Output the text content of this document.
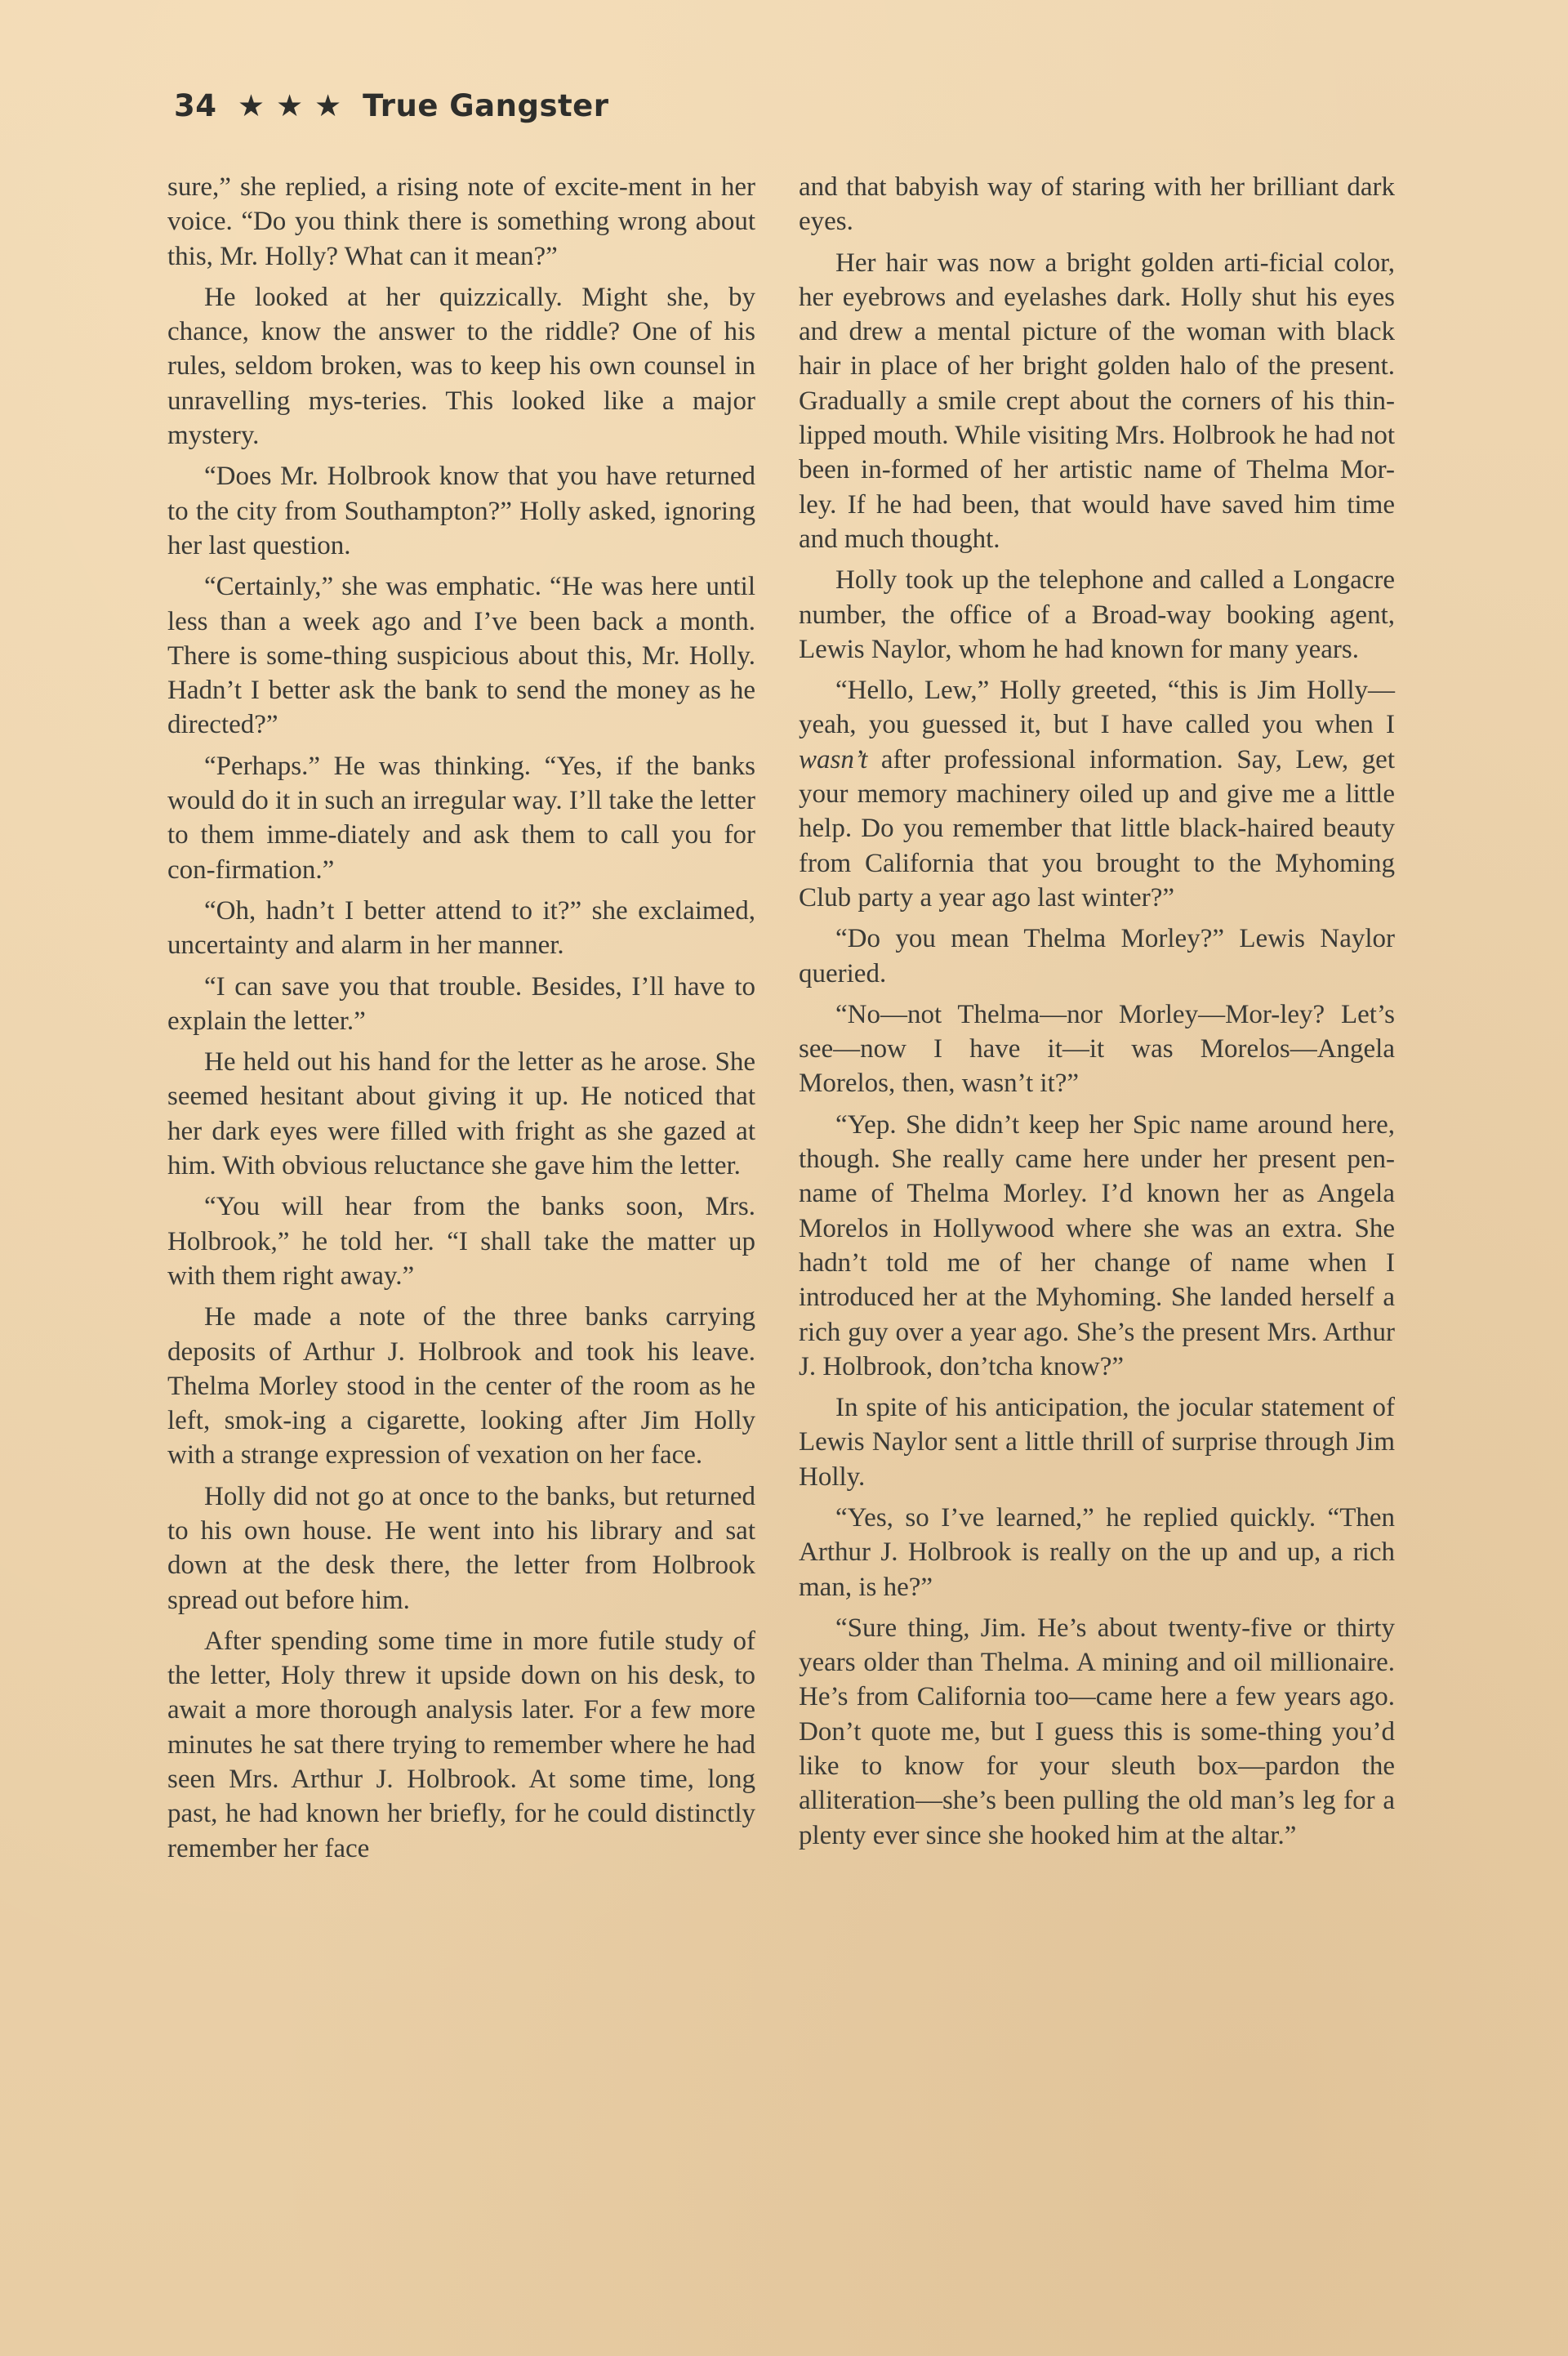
34 ★ ★ ★ True Gangster

sure,” she replied, a rising note of excite-ment in her voice. “Do you think there is something wrong about this, Mr. Holly? What can it mean?”

He looked at her quizzically. Might she, by chance, know the answer to the riddle? One of his rules, seldom broken, was to keep his own counsel in unravelling mys-teries. This looked like a major mystery.

“Does Mr. Holbrook know that you have returned to the city from Southampton?” Holly asked, ignoring her last question.

“Certainly,” she was emphatic. “He was here until less than a week ago and I’ve been back a month. There is some-thing suspicious about this, Mr. Holly. Hadn’t I better ask the bank to send the money as he directed?”

“Perhaps.” He was thinking. “Yes, if the banks would do it in such an irregular way. I’ll take the letter to them imme-diately and ask them to call you for con-firmation.”

“Oh, hadn’t I better attend to it?” she exclaimed, uncertainty and alarm in her manner.

“I can save you that trouble. Besides, I’ll have to explain the letter.”

He held out his hand for the letter as he arose. She seemed hesitant about giving it up. He noticed that her dark eyes were filled with fright as she gazed at him. With obvious reluctance she gave him the letter.

“You will hear from the banks soon, Mrs. Holbrook,” he told her. “I shall take the matter up with them right away.”

He made a note of the three banks carrying deposits of Arthur J. Holbrook and took his leave. Thelma Morley stood in the center of the room as he left, smok-ing a cigarette, looking after Jim Holly with a strange expression of vexation on her face.

Holly did not go at once to the banks, but returned to his own house. He went into his library and sat down at the desk there, the letter from Holbrook spread out before him.

After spending some time in more futile study of the letter, Holy threw it upside down on his desk, to await a more thorough analysis later. For a few more minutes he sat there trying to remember where he had seen Mrs. Arthur J. Holbrook. At some time, long past, he had known her briefly, for he could distinctly remember her face

and that babyish way of staring with her brilliant dark eyes.

Her hair was now a bright golden arti-ficial color, her eyebrows and eyelashes dark. Holly shut his eyes and drew a mental picture of the woman with black hair in place of her bright golden halo of the present. Gradually a smile crept about the corners of his thin-lipped mouth. While visiting Mrs. Holbrook he had not been in-formed of her artistic name of Thelma Mor-ley. If he had been, that would have saved him time and much thought.

Holly took up the telephone and called a Longacre number, the office of a Broad-way booking agent, Lewis Naylor, whom he had known for many years.

“Hello, Lew,” Holly greeted, “this is Jim Holly—yeah, you guessed it, but I have called you when I wasn’t after professional information. Say, Lew, get your memory machinery oiled up and give me a little help. Do you remember that little black-haired beauty from California that you brought to the Myhoming Club party a year ago last winter?”

“Do you mean Thelma Morley?” Lewis Naylor queried.

“No—not Thelma—nor Morley—Mor-ley? Let’s see—now I have it—it was Morelos—Angela Morelos, then, wasn’t it?”

“Yep. She didn’t keep her Spic name around here, though. She really came here under her present pen-name of Thelma Morley. I’d known her as Angela Morelos in Hollywood where she was an extra. She hadn’t told me of her change of name when I introduced her at the Myhoming. She landed herself a rich guy over a year ago. She’s the present Mrs. Arthur J. Holbrook, don’tcha know?”

In spite of his anticipation, the jocular statement of Lewis Naylor sent a little thrill of surprise through Jim Holly.

“Yes, so I’ve learned,” he replied quickly. “Then Arthur J. Holbrook is really on the up and up, a rich man, is he?”

“Sure thing, Jim. He’s about twenty-five or thirty years older than Thelma. A mining and oil millionaire. He’s from California too—came here a few years ago. Don’t quote me, but I guess this is some-thing you’d like to know for your sleuth box—pardon the alliteration—she’s been pulling the old man’s leg for a plenty ever since she hooked him at the altar.”
